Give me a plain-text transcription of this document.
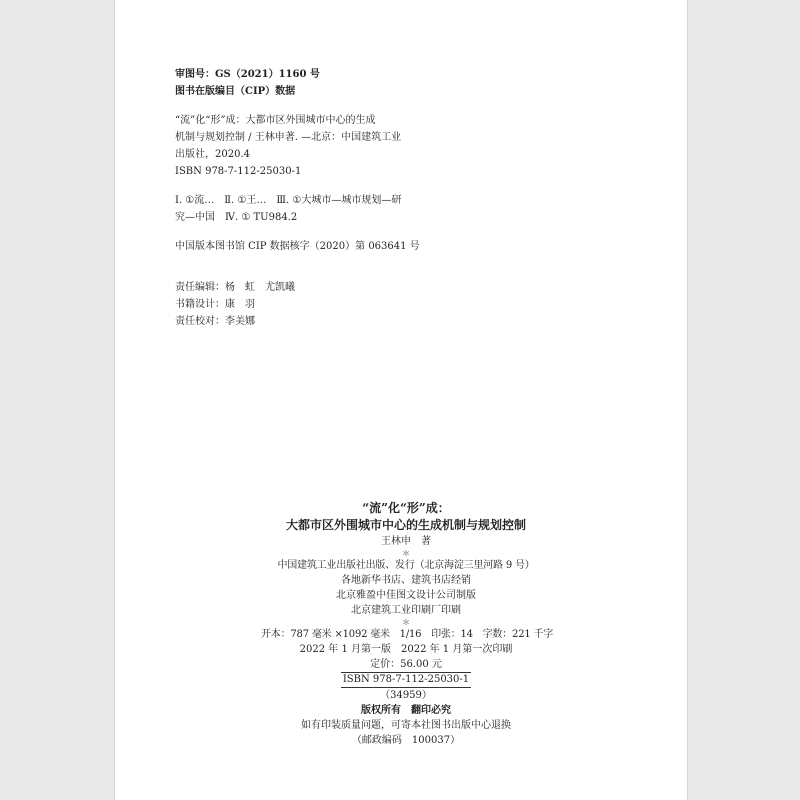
审图号：GS（2021）1160 号
图书在版编目（CIP）数据
“流”化“形”成：大都市区外围城市中心的生成
机制与规划控制 / 王林申著. —北京：中国建筑工业
出版社，2020.4
ISBN 978-7-112-25030-1
Ⅰ. ①流…　Ⅱ. ①王…　Ⅲ. ①大城市—城市规划—研
究—中国　Ⅳ. ① TU984.2
中国版本图书馆 CIP 数据核字（2020）第 063641 号
责任编辑：杨　虹　尤凯曦
书籍设计：康　羽
责任校对：李美娜
“流”化“形”成：
大都市区外围城市中心的生成机制与规划控制
王林申　著
＊
中国建筑工业出版社出版、发行（北京海淀三里河路 9 号）
各地新华书店、建筑书店经销
北京雅盈中佳图文设计公司制版
北京建筑工业印刷厂印刷
＊
开本：787 毫米 ×1092 毫米　1/16　印张：14　字数：221 千字
2022 年 1 月第一版　2022 年 1 月第一次印刷
定价：56.00 元
ISBN 978-7-112-25030-1
（34959）
版权所有　翻印必究
如有印装质量问题，可寄本社图书出版中心退换
（邮政编码　100037）
